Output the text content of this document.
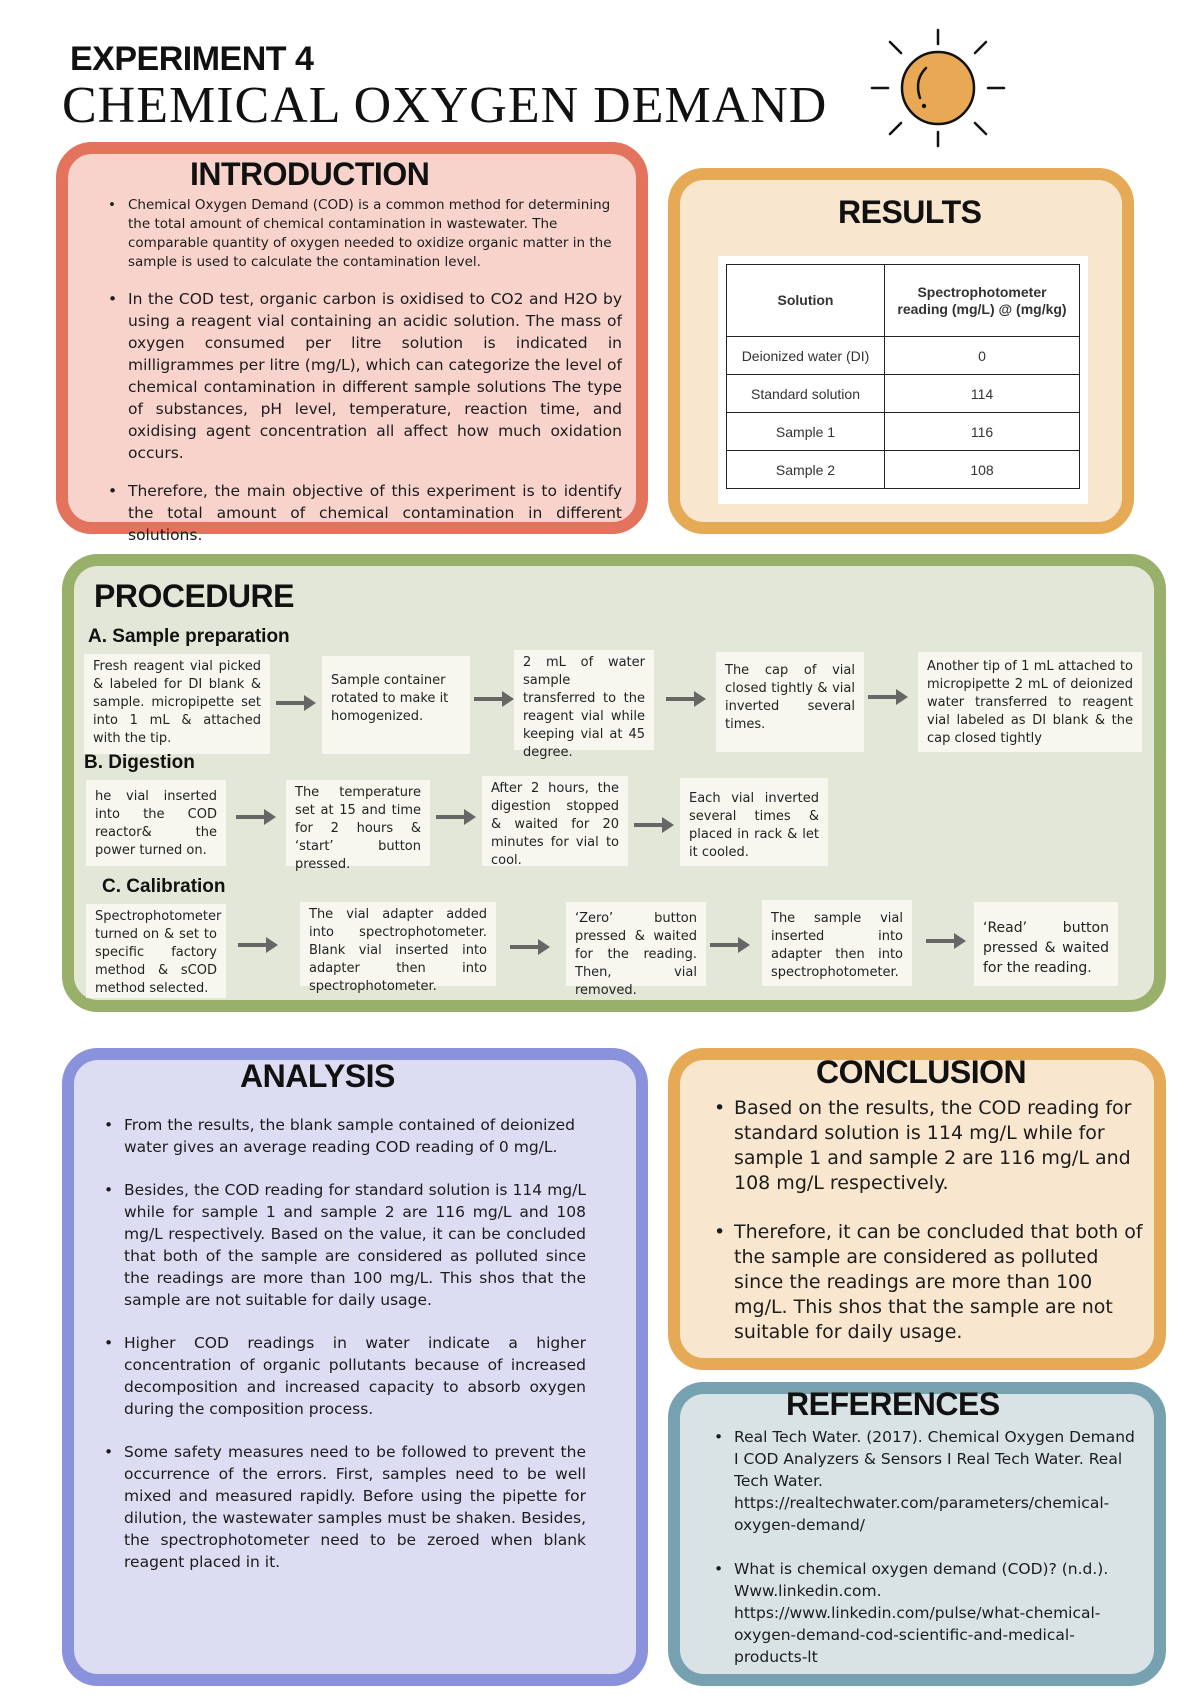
EXPERIMENT 4
CHEMICAL OXYGEN DEMAND
INTRODUCTION
• Chemical Oxygen Demand (COD) is a common method for determining the total amount of chemical contamination in wastewater. The comparable quantity of oxygen needed to oxidize organic matter in the sample is used to calculate the contamination level.
• In the COD test, organic carbon is oxidised to CO2 and H2O by using a reagent vial containing an acidic solution. The mass of oxygen consumed per litre solution is indicated in milligrammes per litre (mg/L), which can categorize the level of chemical contamination in different sample solutions The type of substances, pH level, temperature, reaction time, and oxidising agent concentration all affect how much oxidation occurs.
• Therefore, the main objective of this experiment is to identify the total amount of chemical contamination in different solutions.
RESULTS
Solution	Spectrophotometer reading (mg/L) @ (mg/kg)
Deionized water (DI)	0
Standard solution	114
Sample 1	116
Sample 2	108
PROCEDURE
A. Sample preparation
Fresh reagent vial picked & labeled for DI blank & sample. micropipette set into 1 mL & attached with the tip.
Sample container rotated to make it homogenized.
2 mL of water sample transferred to the reagent vial while keeping vial at 45 degree.
The cap of vial closed tightly & vial inverted several times.
Another tip of 1 mL attached to micropipette 2 mL of deionized water transferred to reagent vial labeled as DI blank & the cap closed tightly
B. Digestion
he vial inserted into the COD reactor& the power turned on.
The temperature set at 15 and time for 2 hours & ‘start’ button pressed.
After 2 hours, the digestion stopped & waited for 20 minutes for vial to cool.
Each vial inverted several times & placed in rack & let it cooled.
C. Calibration
Spectrophotometer turned on & set to specific factory method & sCOD method selected.
The vial adapter added into spectrophotometer. Blank vial inserted into adapter then into spectrophotometer.
‘Zero’ button pressed & waited for the reading. Then, vial removed.
The sample vial inserted into adapter then into spectrophotometer.
‘Read’ button pressed & waited for the reading.
ANALYSIS
• From the results, the blank sample contained of deionized water gives an average reading COD reading of 0 mg/L.
• Besides, the COD reading for standard solution is 114 mg/L while for sample 1 and sample 2 are 116 mg/L and 108 mg/L respectively. Based on the value, it can be concluded that both of the sample are considered as polluted since the readings are more than 100 mg/L. This shos that the sample are not suitable for daily usage.
• Higher COD readings in water indicate a higher concentration of organic pollutants because of increased decomposition and increased capacity to absorb oxygen during the composition process.
• Some safety measures need to be followed to prevent the occurrence of the errors. First, samples need to be well mixed and measured rapidly. Before using the pipette for dilution, the wastewater samples must be shaken. Besides, the spectrophotometer need to be zeroed when blank reagent placed in it.
CONCLUSION
• Based on the results, the COD reading for standard solution is 114 mg/L while for sample 1 and sample 2 are 116 mg/L and 108 mg/L respectively.
• Therefore, it can be concluded that both of the sample are considered as polluted since the readings are more than 100 mg/L. This shos that the sample are not suitable for daily usage.
REFERENCES
• Real Tech Water. (2017). Chemical Oxygen Demand I COD Analyzers & Sensors I Real Tech Water. Real Tech Water. https://realtechwater.com/parameters/chemical-oxygen-demand/
• What is chemical oxygen demand (COD)? (n.d.). Www.linkedin.com. https://www.linkedin.com/pulse/what-chemical-oxygen-demand-cod-scientific-and-medical-products-lt
